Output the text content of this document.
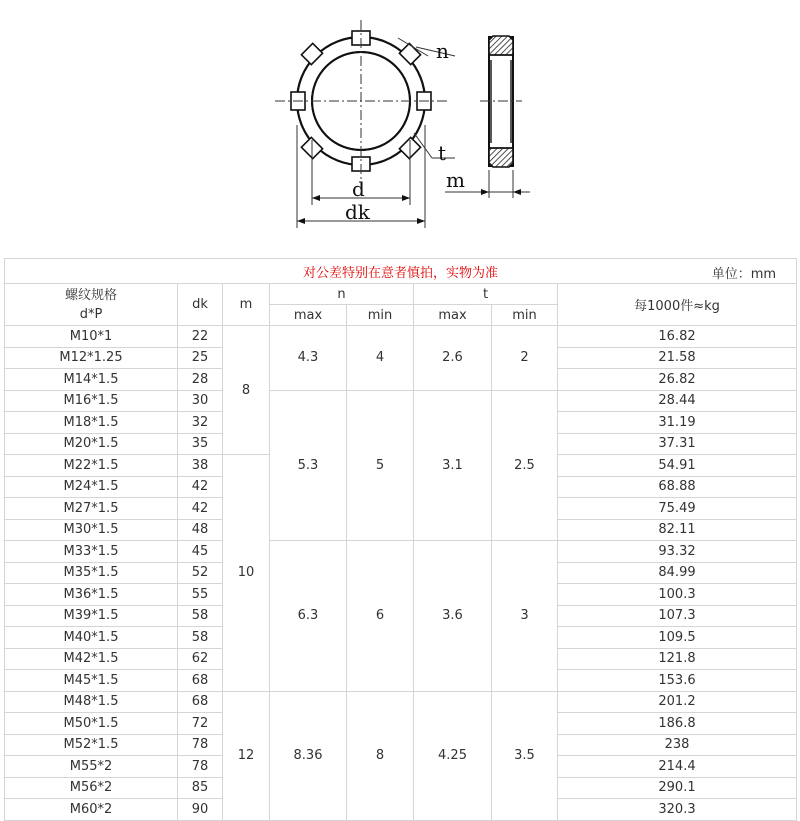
n
t
d
dk
m
对公差特别在意者慎拍，实物为准 单位：mm							

螺纹规格
d*P	dk	m	n		t		每1000件≈kg
			max	min	max	min	
M10*1	22	8	4.3	4	2.6	2	16.82
M12*1.25	25						21.58
M14*1.5	28						26.82
M16*1.5	30		5.3	5	3.1	2.5	28.44
M18*1.5	32						31.19
M20*1.5	35						37.31
M22*1.5	38	10					54.91
M24*1.5	42						68.88
M27*1.5	42						75.49
M30*1.5	48						82.11
M33*1.5	45		6.3	6	3.6	3	93.32
M35*1.5	52						84.99
M36*1.5	55						100.3
M39*1.5	58						107.3
M40*1.5	58						109.5
M42*1.5	62						121.8
M45*1.5	68						153.6
M48*1.5	68	12	8.36	8	4.25	3.5	201.2
M50*1.5	72						186.8
M52*1.5	78						238
M55*2	78						214.4
M56*2	85						290.1
M60*2	90						320.3
